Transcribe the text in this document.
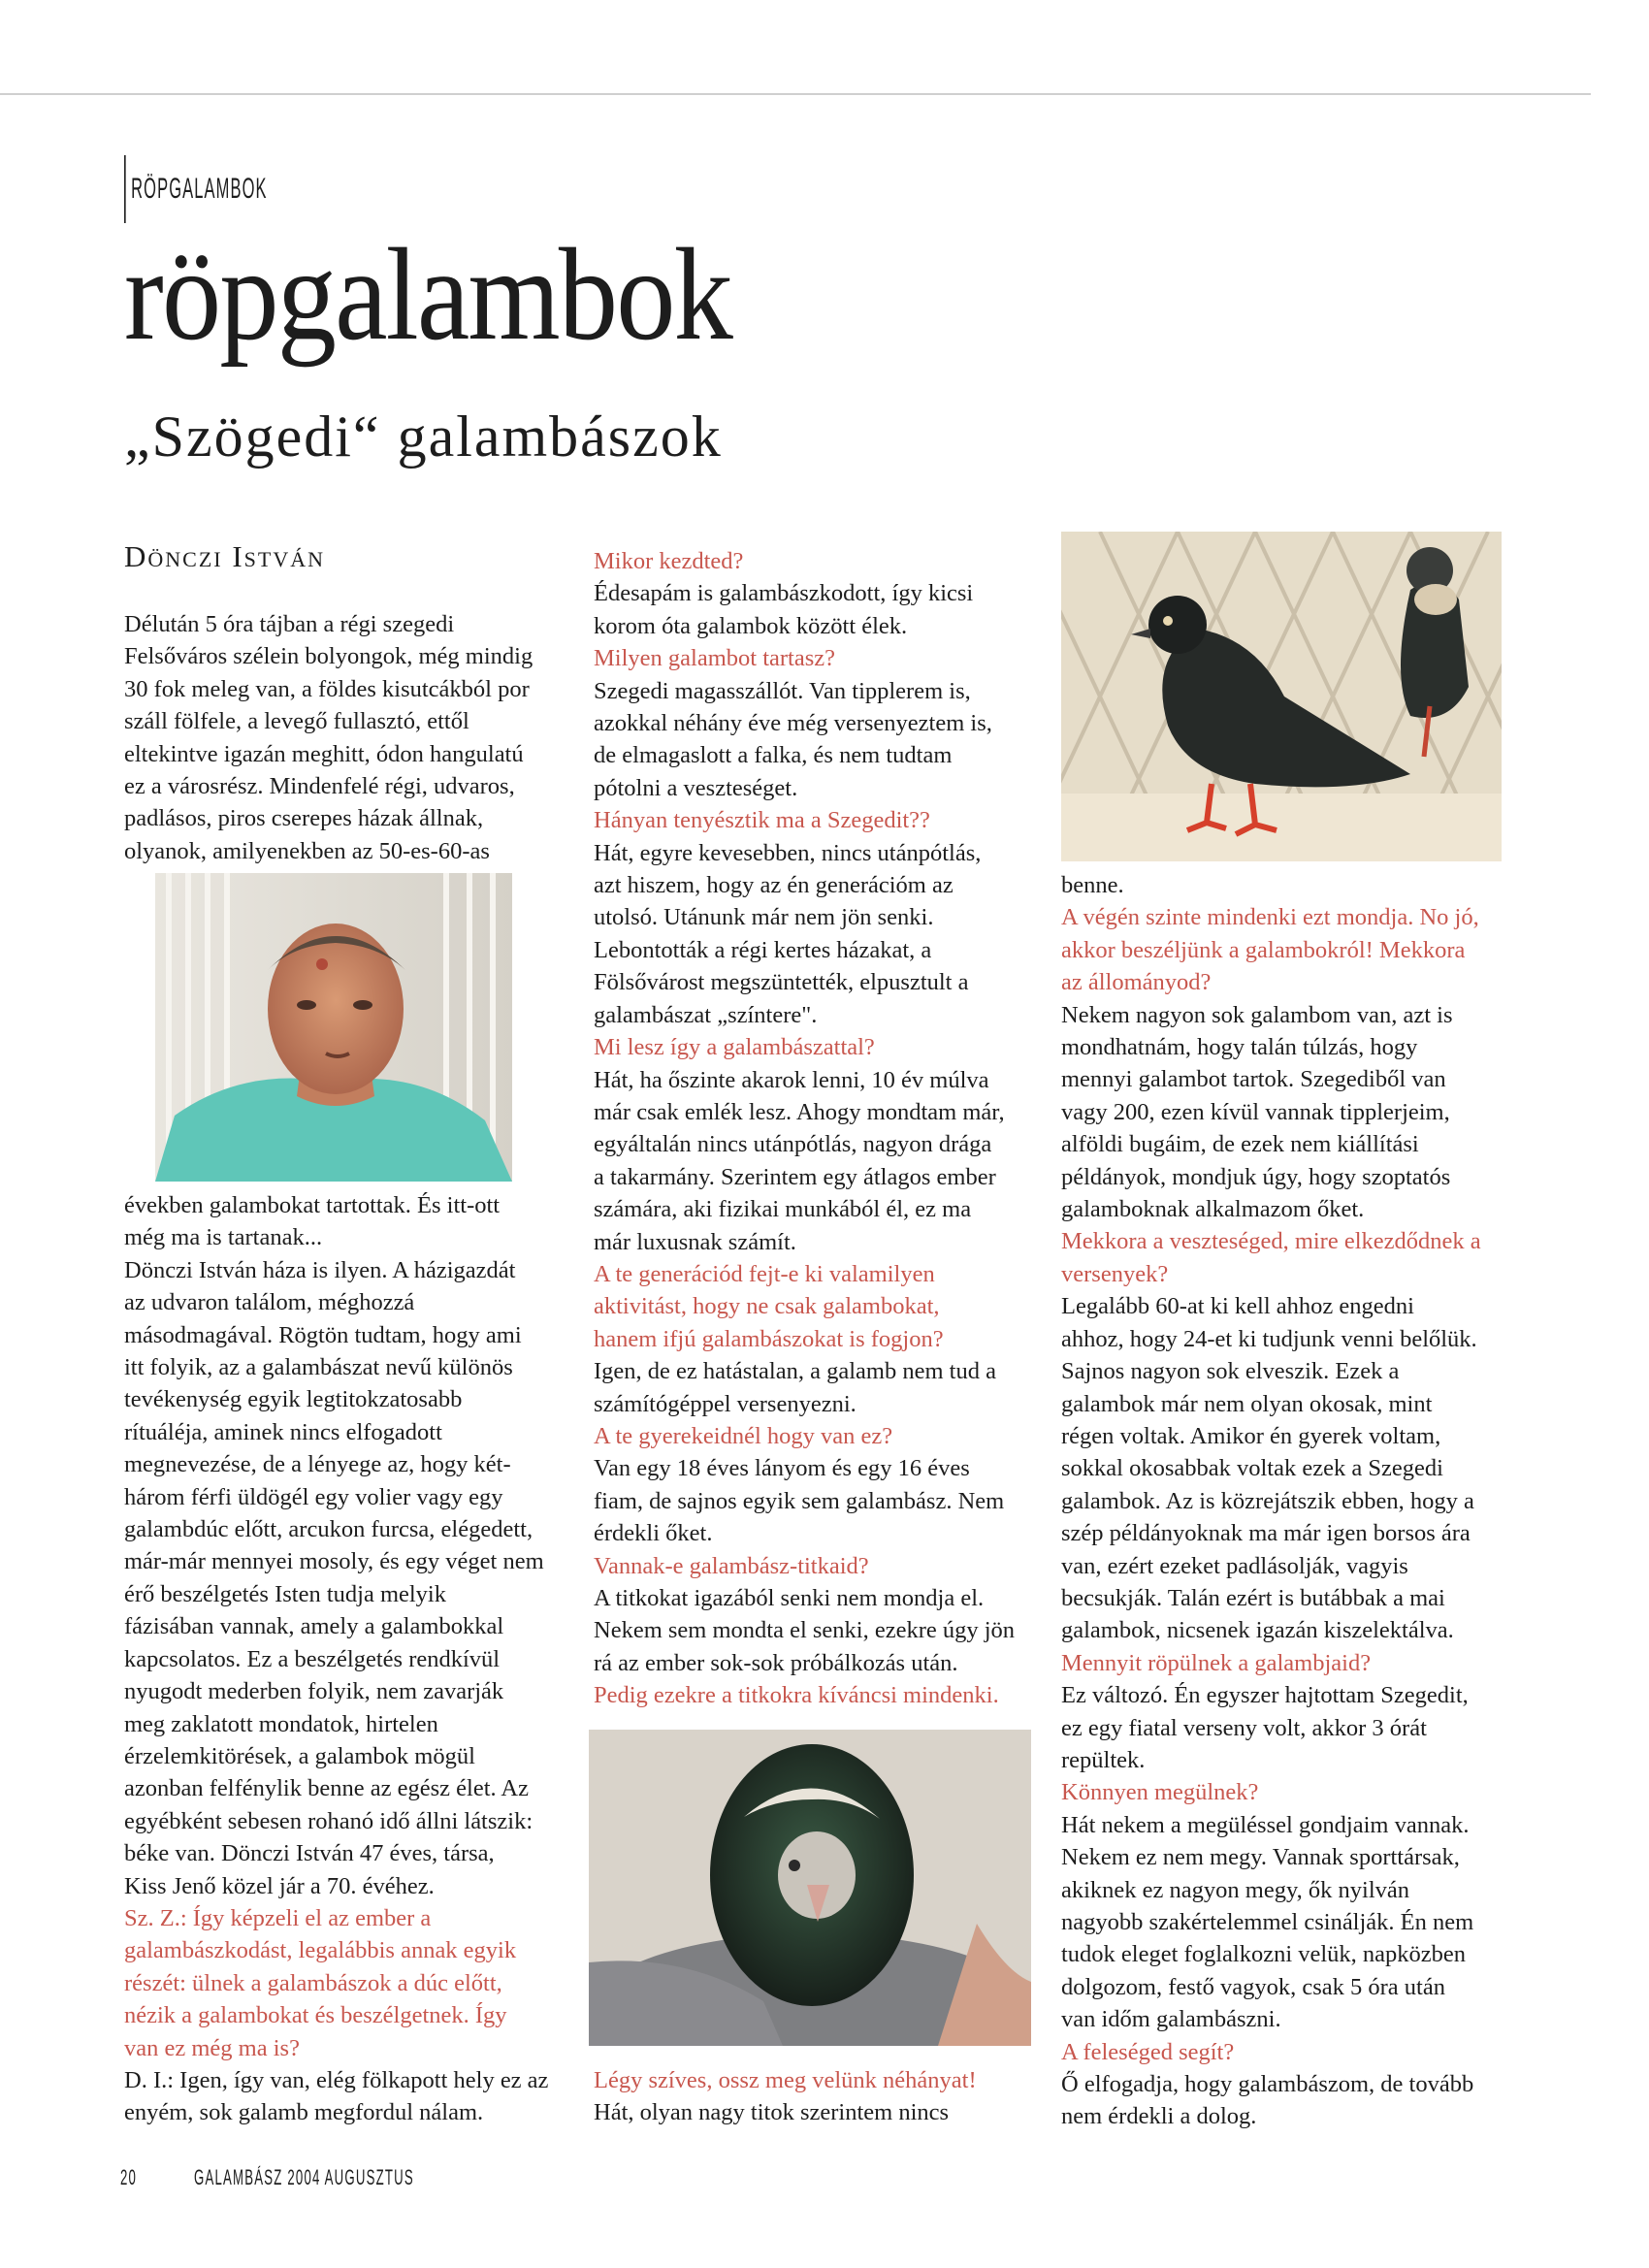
RÖPGALAMBOK
röpgalambok
„Szögedi“ galambászok
Dönczi István

Délután 5 óra tájban a régi szegedi

Felsőváros szélein bolyongok, még mindig

30 fok meleg van, a földes kisutcákból por

száll fölfele, a levegő fullasztó, ettől

eltekintve igazán meghitt, ódon hangulatú

ez a városrész. Mindenfelé régi, udvaros,

padlásos, piros cserepes házak állnak,

olyanok, amilyenekben az 50-es-60-as

években galambokat tartottak. És itt-ott

még ma is tartanak...

Dönczi István háza is ilyen. A házigazdát

az udvaron találom, méghozzá

másodmagával. Rögtön tudtam, hogy ami

itt folyik, az a galambászat nevű különös

tevékenység egyik legtitokzatosabb

rítuáléja, aminek nincs elfogadott

megnevezése, de a lényege az, hogy két-

három férfi üldögél egy volier vagy egy

galambdúc előtt, arcukon furcsa, elégedett,

már-már mennyei mosoly, és egy véget nem

érő beszélgetés Isten tudja melyik

fázisában vannak, amely a galambokkal

kapcsolatos. Ez a beszélgetés rendkívül

nyugodt mederben folyik, nem zavarják

meg zaklatott mondatok, hirtelen

érzelemkitörések, a galambok mögül

azonban felfénylik benne az egész élet. Az

egyébként sebesen rohanó idő állni látszik:

béke van. Dönczi István 47 éves, társa,

Kiss Jenő közel jár a 70. évéhez.

Sz. Z.: Így képzeli el az ember a

galambászkodást, legalábbis annak egyik

részét: ülnek a galambászok a dúc előtt,

nézik a galambokat és beszélgetnek. Így

van ez még ma is?

D. I.: Igen, így van, elég fölkapott hely ez az

enyém, sok galamb megfordul nálam.

Mikor kezdted?

Édesapám is galambászkodott, így kicsi

korom óta galambok között élek.

Milyen galambot tartasz?

Szegedi magasszállót. Van tipplerem is,

azokkal néhány éve még versenyeztem is,

de elmagaslott a falka, és nem tudtam

pótolni a veszteséget.

Hányan tenyésztik ma a Szegedit??

Hát, egyre kevesebben, nincs utánpótlás,

azt hiszem, hogy az én generációm az

utolsó. Utánunk már nem jön senki.

Lebontották a régi kertes házakat, a

Fölsővárost megszüntették, elpusztult a

galambászat „színtere".

Mi lesz így a galambászattal?

Hát, ha őszinte akarok lenni, 10 év múlva

már csak emlék lesz. Ahogy mondtam már,

egyáltalán nincs utánpótlás, nagyon drága

a takarmány. Szerintem egy átlagos ember

számára, aki fizikai munkából él, ez ma

már luxusnak számít.

A te generációd fejt-e ki valamilyen

aktivitást, hogy ne csak galambokat,

hanem ifjú galambászokat is fogjon?

Igen, de ez hatástalan, a galamb nem tud a

számítógéppel versenyezni.

A te gyerekeidnél hogy van ez?

Van egy 18 éves lányom és egy 16 éves

fiam, de sajnos egyik sem galambász. Nem

érdekli őket.

Vannak-e galambász-titkaid?

A titkokat igazából senki nem mondja el.

Nekem sem mondta el senki, ezekre úgy jön

rá az ember sok-sok próbálkozás után.

Pedig ezekre a titkokra kíváncsi mindenki.

Légy szíves, ossz meg velünk néhányat!

Hát, olyan nagy titok szerintem nincs

benne.

A végén szinte mindenki ezt mondja. No jó,

akkor beszéljünk a galambokról! Mekkora

az állományod?

Nekem nagyon sok galambom van, azt is

mondhatnám, hogy talán túlzás, hogy

mennyi galambot tartok. Szegediből van

vagy 200, ezen kívül vannak tipplerjeim,

alföldi bugáim, de ezek nem kiállítási

példányok, mondjuk úgy, hogy szoptatós

galamboknak alkalmazom őket.

Mekkora a veszteséged, mire elkezdődnek a

versenyek?

Legalább 60-at ki kell ahhoz engedni

ahhoz, hogy 24-et ki tudjunk venni belőlük.

Sajnos nagyon sok elveszik. Ezek a

galambok már nem olyan okosak, mint

régen voltak. Amikor én gyerek voltam,

sokkal okosabbak voltak ezek a Szegedi

galambok. Az is közrejátszik ebben, hogy a

szép példányoknak ma már igen borsos ára

van, ezért ezeket padlásolják, vagyis

becsukják. Talán ezért is butábbak a mai

galambok, nicsenek igazán kiszelektálva.

Mennyit röpülnek a galambjaid?

Ez változó. Én egyszer hajtottam Szegedit,

ez egy fiatal verseny volt, akkor 3 órát

repültek.

Könnyen megülnek?

Hát nekem a megüléssel gondjaim vannak.

Nekem ez nem megy. Vannak sporttársak,

akiknek ez nagyon megy, ők nyilván

nagyobb szakértelemmel csinálják. Én nem

tudok eleget foglalkozni velük, napközben

dolgozom, festő vagyok, csak 5 óra után

van időm galambászni.

A feleséged segít?

Ő elfogadja, hogy galambászom, de tovább

nem érdekli a dolog.

20	GALAMBÁSZ 2004 AUGUSZTUS
